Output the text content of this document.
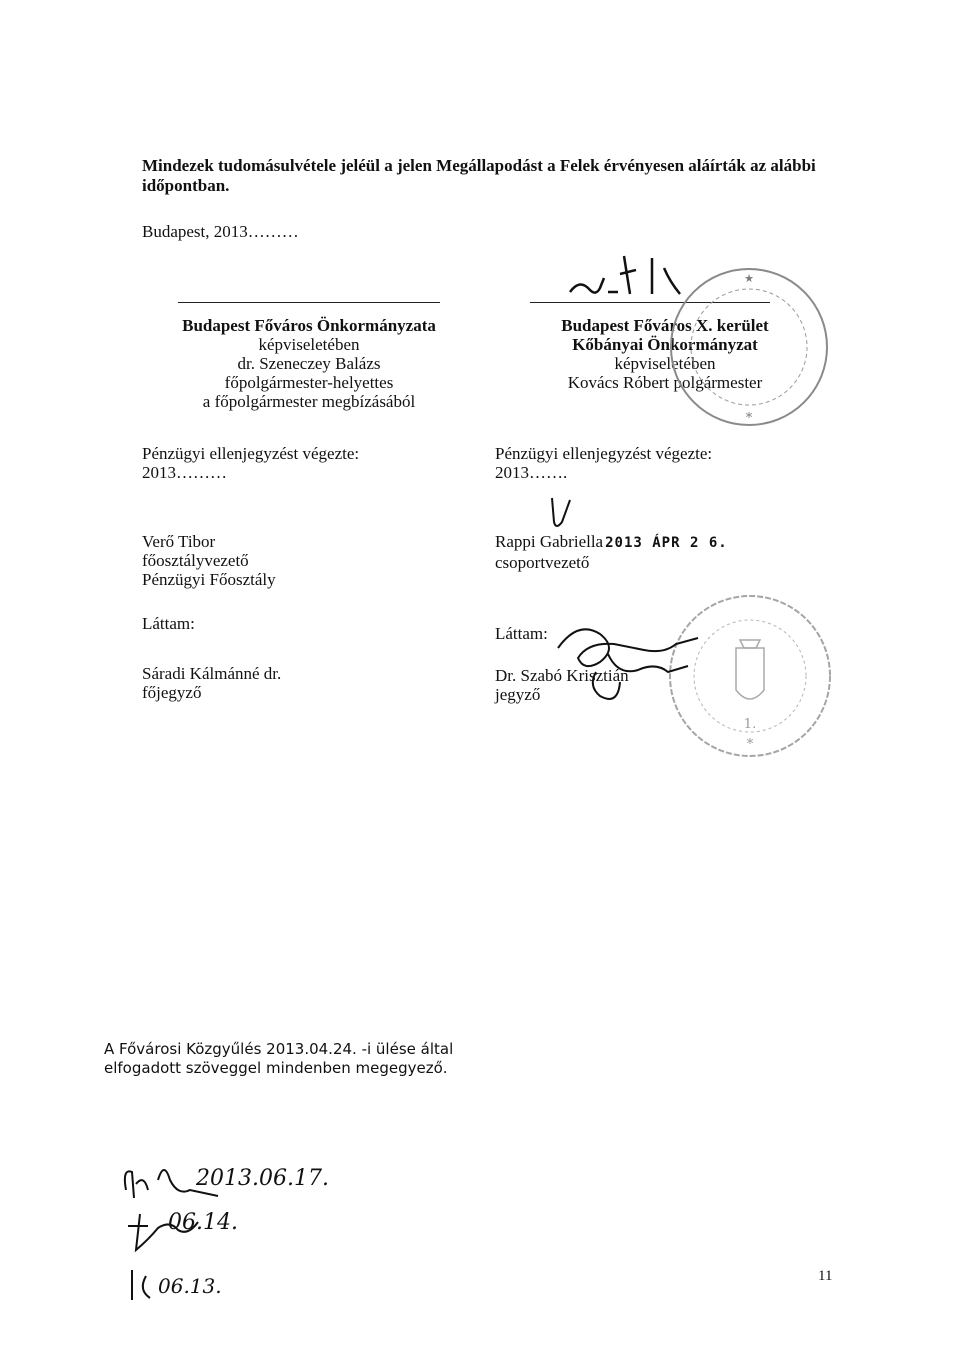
Mindezek tudomásulvétele jeléül a jelen Megállapodást a Felek érvényesen aláírták az alábbi időpontban.
Budapest, 2013………
Budapest Főváros Önkormányzata
képviseletében
dr. Szeneczey Balázs
főpolgármester-helyettes
a főpolgármester megbízásából
Budapest Főváros X. kerület
Kőbányai Önkormányzat
képviseletében
Kovács Róbert polgármester
Pénzügyi ellenjegyzést végezte:
2013………
Verő Tibor
főosztályvezető
Pénzügyi Főosztály
Pénzügyi ellenjegyzést végezte:
2013…….
Rappi Gabriella 2013 ÁPR 2 6.
csoportvezető
Láttam:
Sáradi Kálmánné dr.
főjegyző
Láttam:
Dr. Szabó Krisztián
jegyző
A Fővárosi Közgyűlés 2013.04.24. -i ülése által
elfogadott szöveggel mindenben megegyező.
11
★
*
1.
*
2013.06.17.
06.14.
06.13.
